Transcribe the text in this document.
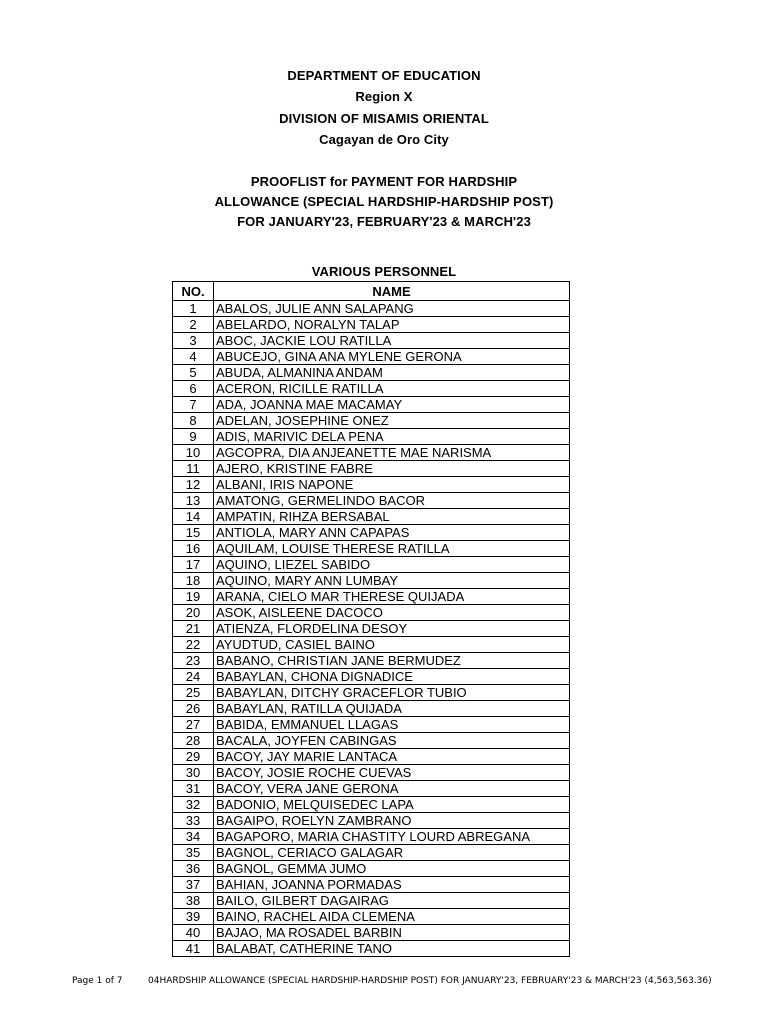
DEPARTMENT OF EDUCATION
Region X
DIVISION OF MISAMIS ORIENTAL
Cagayan de Oro City
PROOFLIST for PAYMENT FOR HARDSHIP
ALLOWANCE (SPECIAL HARDSHIP-HARDSHIP POST)
FOR JANUARY'23, FEBRUARY'23 & MARCH'23
VARIOUS PERSONNEL
NO.	NAME
1	ABALOS, JULIE ANN SALAPANG
2	ABELARDO, NORALYN TALAP
3	ABOC, JACKIE LOU RATILLA
4	ABUCEJO, GINA ANA MYLENE GERONA
5	ABUDA, ALMANINA ANDAM
6	ACERON, RICILLE RATILLA
7	ADA, JOANNA MAE MACAMAY
8	ADELAN, JOSEPHINE ONEZ
9	ADIS, MARIVIC DELA PENA
10	AGCOPRA, DIA ANJEANETTE MAE NARISMA
11	AJERO, KRISTINE FABRE
12	ALBANI, IRIS NAPONE
13	AMATONG, GERMELINDO BACOR
14	AMPATIN, RIHZA BERSABAL
15	ANTIOLA, MARY ANN CAPAPAS
16	AQUILAM, LOUISE THERESE RATILLA
17	AQUINO, LIEZEL SABIDO
18	AQUINO, MARY ANN LUMBAY
19	ARANA, CIELO MAR THERESE QUIJADA
20	ASOK, AISLEENE DACOCO
21	ATIENZA, FLORDELINA DESOY
22	AYUDTUD, CASIEL BAINO
23	BABANO, CHRISTIAN JANE BERMUDEZ
24	BABAYLAN, CHONA DIGNADICE
25	BABAYLAN, DITCHY GRACEFLOR TUBIO
26	BABAYLAN, RATILLA QUIJADA
27	BABIDA, EMMANUEL LLAGAS
28	BACALA, JOYFEN CABINGAS
29	BACOY, JAY MARIE LANTACA
30	BACOY, JOSIE ROCHE CUEVAS
31	BACOY, VERA JANE GERONA
32	BADONIO, MELQUISEDEC LAPA
33	BAGAIPO, ROELYN ZAMBRANO
34	BAGAPORO, MARIA CHASTITY LOURD ABREGANA
35	BAGNOL, CERIACO GALAGAR
36	BAGNOL, GEMMA JUMO
37	BAHIAN, JOANNA PORMADAS
38	BAILO, GILBERT DAGAIRAG
39	BAINO, RACHEL AIDA CLEMENA
40	BAJAO, MA ROSADEL BARBIN
41	BALABAT, CATHERINE TANO
Page 1 of 7	04HARDSHIP ALLOWANCE (SPECIAL HARDSHIP-HARDSHIP POST) FOR JANUARY'23, FEBRUARY'23 & MARCH'23 (4,563,563.36)
